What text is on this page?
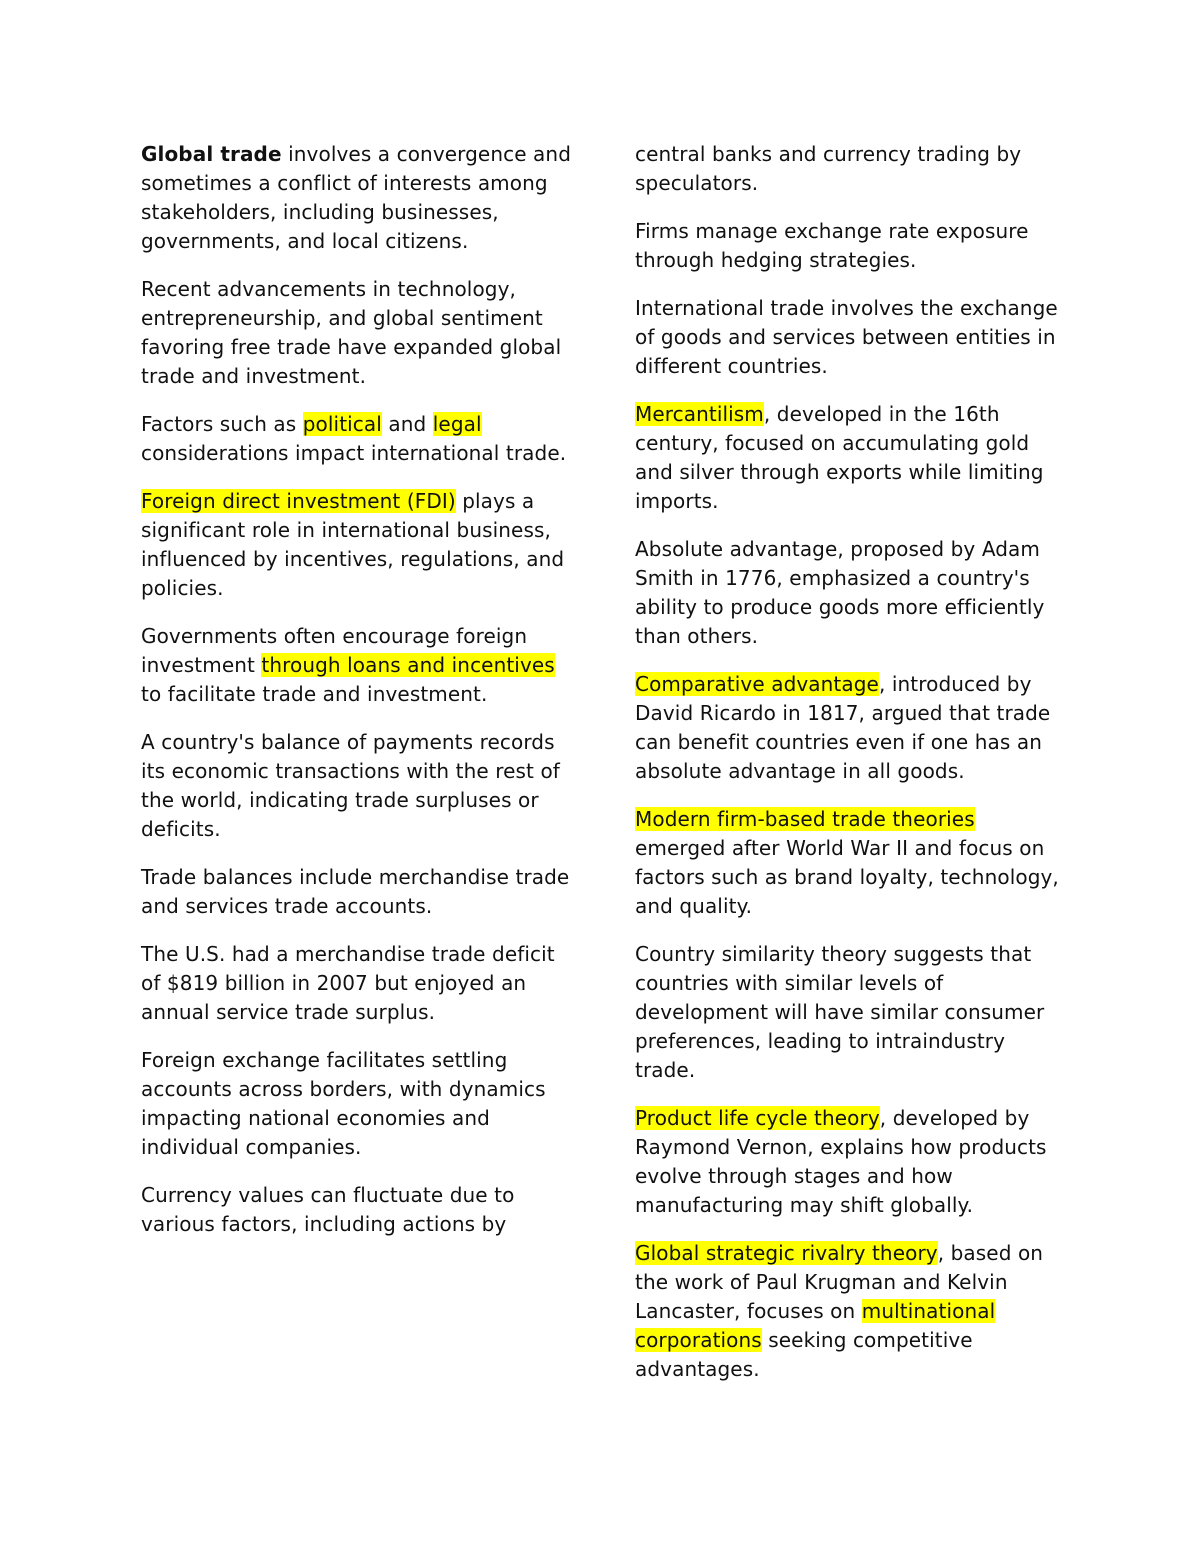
Global trade involves a convergence and sometimes a conflict of interests among stakeholders, including businesses, governments, and local citizens.

Recent advancements in technology, entrepreneurship, and global sentiment favoring free trade have expanded global trade and investment.

Factors such as political and legal considerations impact international trade.

Foreign direct investment (FDI) plays a significant role in international business, influenced by incentives, regulations, and policies.

Governments often encourage foreign investment through loans and incentives to facilitate trade and investment.

A country's balance of payments records its economic transactions with the rest of the world, indicating trade surpluses or deficits.

Trade balances include merchandise trade and services trade accounts.

The U.S. had a merchandise trade deficit of $819 billion in 2007 but enjoyed an annual service trade surplus.

Foreign exchange facilitates settling accounts across borders, with dynamics impacting national economies and individual companies.

Currency values can fluctuate due to various factors, including actions by

central banks and currency trading by speculators.

Firms manage exchange rate exposure through hedging strategies.

International trade involves the exchange of goods and services between entities in different countries.

Mercantilism, developed in the 16th century, focused on accumulating gold and silver through exports while limiting imports.

Absolute advantage, proposed by Adam Smith in 1776, emphasized a country's ability to produce goods more efficiently than others.

Comparative advantage, introduced by David Ricardo in 1817, argued that trade can benefit countries even if one has an absolute advantage in all goods.

Modern firm-based trade theories emerged after World War II and focus on factors such as brand loyalty, technology, and quality.

Country similarity theory suggests that countries with similar levels of development will have similar consumer preferences, leading to intraindustry trade.

Product life cycle theory, developed by Raymond Vernon, explains how products evolve through stages and how manufacturing may shift globally.

Global strategic rivalry theory, based on the work of Paul Krugman and Kelvin Lancaster, focuses on multinational corporations seeking competitive advantages.
